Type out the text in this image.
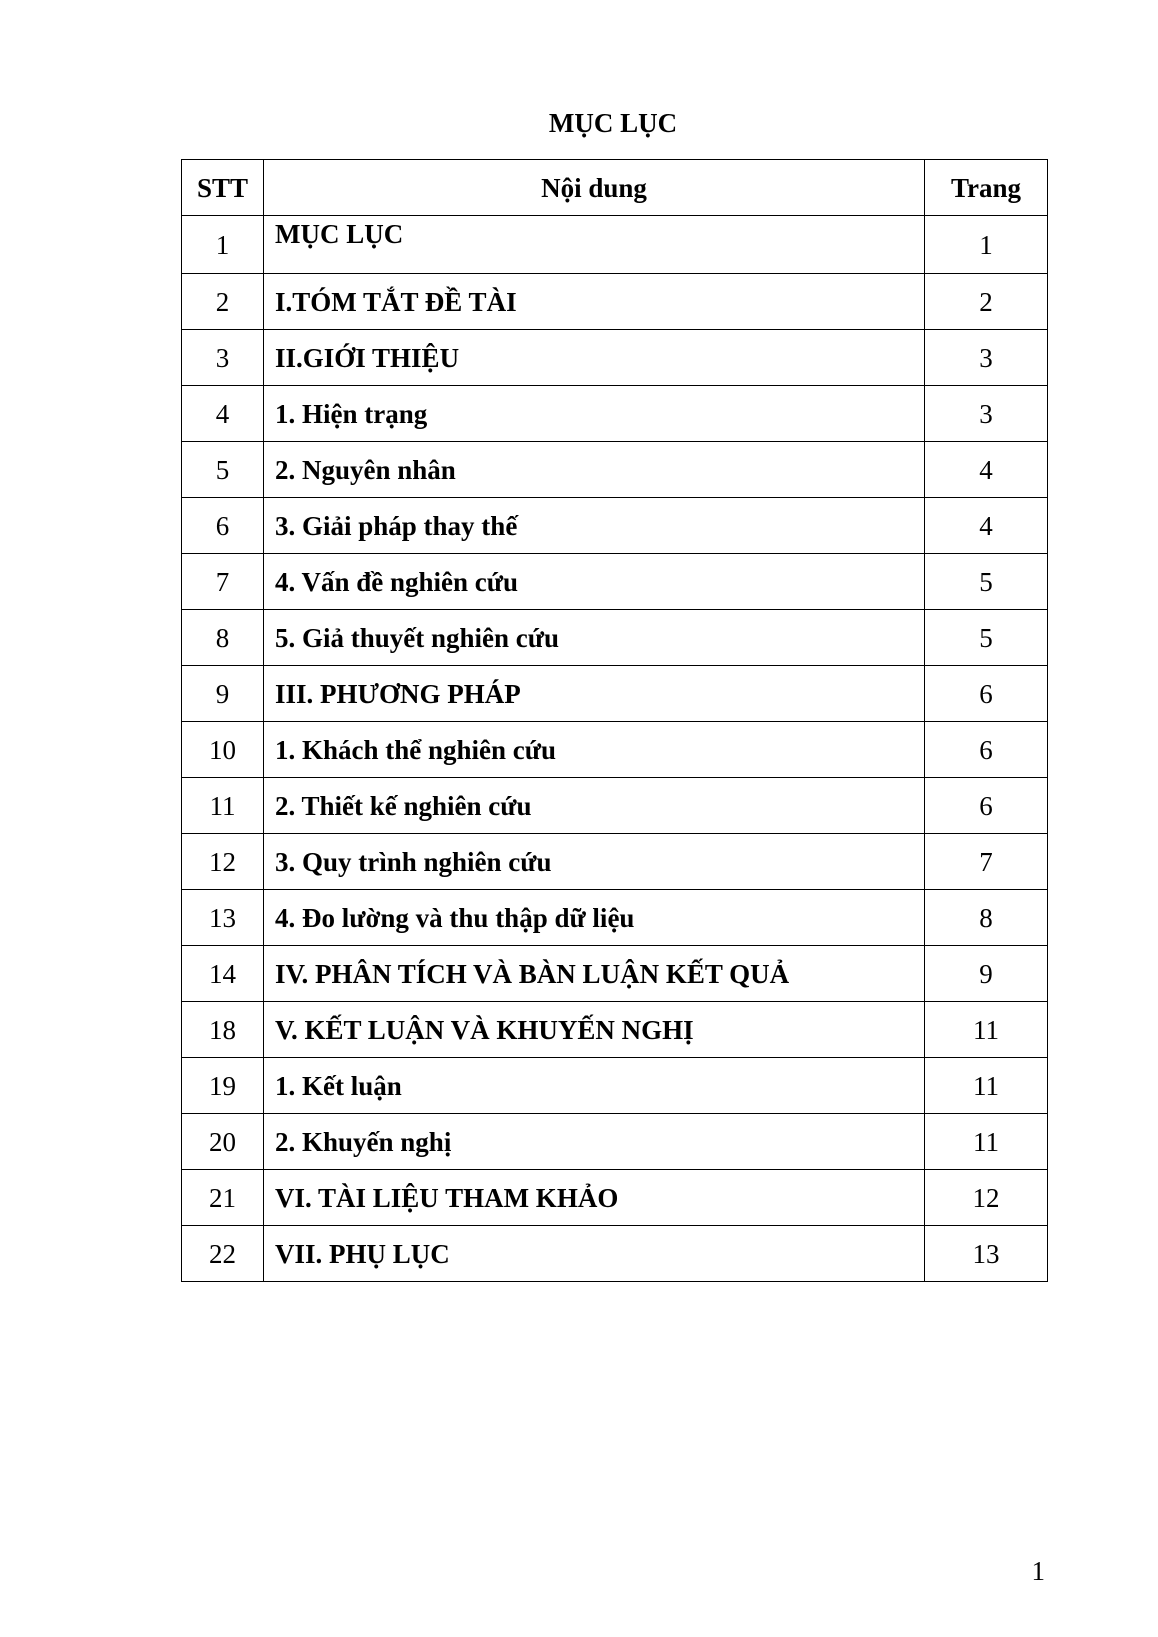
MỤC LỤC
STT	Nội dung	Trang
1	MỤC LỤC	1
2	I.TÓM TẮT ĐỀ TÀI	2
3	II.GIỚI THIỆU	3
4	1. Hiện trạng	3
5	2. Nguyên nhân	4
6	3. Giải pháp thay thế	4
7	4. Vấn đề nghiên cứu	5
8	5. Giả thuyết nghiên cứu	5
9	III. PHƯƠNG PHÁP	6
10	1. Khách thể nghiên cứu	6
11	2. Thiết kế nghiên cứu	6
12	3. Quy trình nghiên cứu	7
13	4. Đo lường và thu thập dữ liệu	8
14	IV. PHÂN TÍCH VÀ BÀN LUẬN KẾT QUẢ	9
18	V. KẾT LUẬN VÀ KHUYẾN NGHỊ	11
19	1. Kết luận	11
20	2. Khuyến nghị	11
21	VI. TÀI LIỆU THAM KHẢO	12
22	VII. PHỤ LỤC	13
1
